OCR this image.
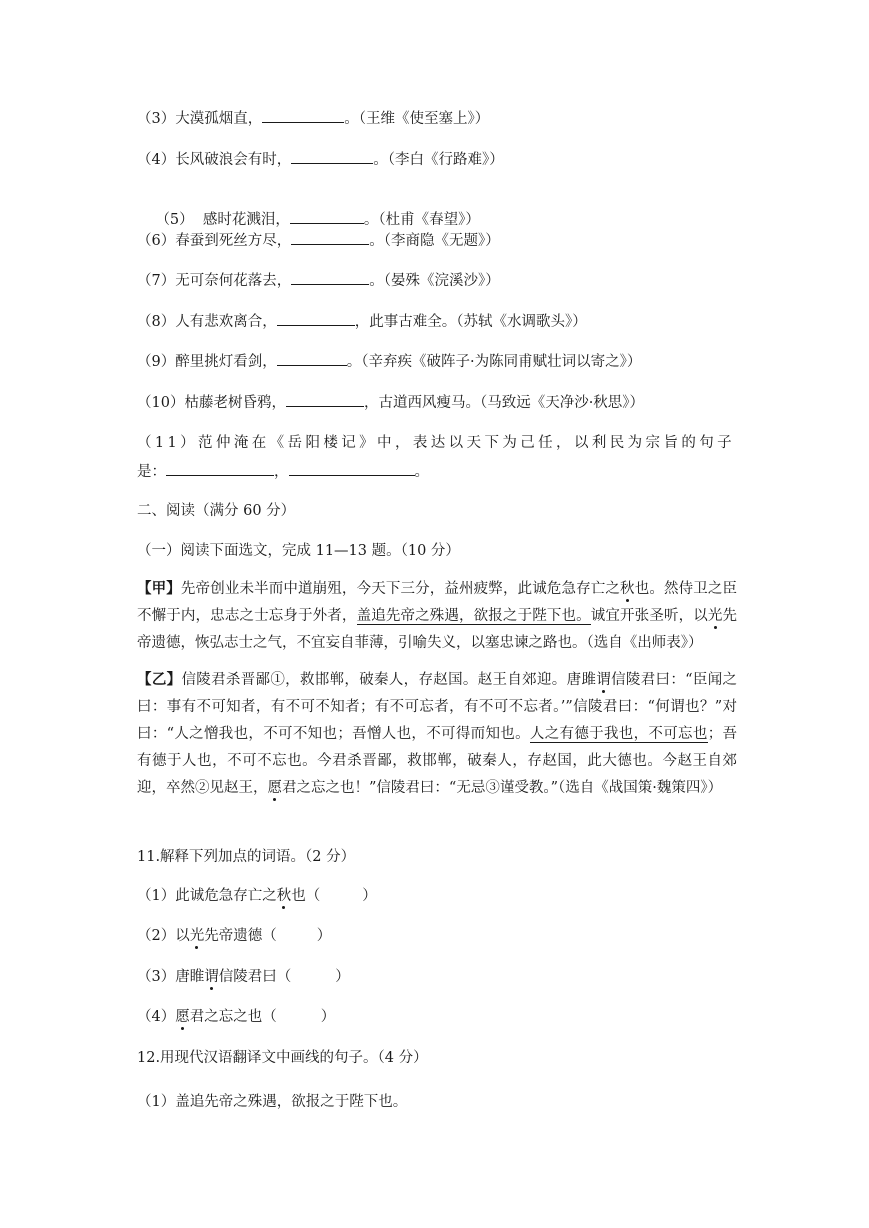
（3）大漠孤烟直，	。（王维《使至塞上》）
（4）长风破浪会有时，	。（李白《行路难》）

（5）  感时花溅泪，	。（杜甫《春望》）

（6）春蚕到死丝方尽，	。（李商隐《无题》）
（7）无可奈何花落去，	。（晏殊《浣溪沙》）
（8）人有悲欢离合，	，此事古难全。（苏轼《水调歌头》）
（9）醉里挑灯看剑，	。（辛弃疾《破阵子·为陈同甫赋壮词以寄之》）
（10）枯藤老树昏鸦，	，古道西风瘦马。（马致远《天净沙·秋思》）
（11）范仲淹在《岳阳楼记》中，表达以天下为己任，以利民为宗旨的句子
是：	，	。
二、阅读（满分 60 分）
（一）阅读下面选文，完成 11—13 题。（10 分）
【甲】先帝创业未半而中道崩殂，今天下三分，益州疲弊，此诚危急存亡之秋也。然侍卫之臣不懈于内，忠志之士忘身于外者，盖追先帝之殊遇，欲报之于陛下也。诚宜开张圣听，以光先帝遗德，恢弘志士之气，不宜妄自菲薄，引喻失义，以塞忠谏之路也。（选自《出师表》）
【乙】信陵君杀晋鄙①，救邯郸，破秦人，存赵国。赵王自郊迎。唐雎谓信陵君曰：“臣闻之曰：事有不可知者，有不可不知者；有不可忘者，有不可不忘者。’”信陵君曰：“何谓也？”对曰：“人之憎我也，不可不知也；吾憎人也，不可得而知也。人之有德于我也，不可忘也；吾有德于人也，不可不忘也。今君杀晋鄙，救邯郸，破秦人，存赵国，此大德也。今赵王自郊迎，卒然②见赵王，愿君之忘之也！”信陵君曰：“无忌③谨受教。”（选自《战国策·魏策四》）
11.解释下列加点的词语。（2 分）
（1）此诚危急存亡之秋也（	）
（2）以光先帝遗德（	）
（3）唐睢谓信陵君曰（	）
（4）愿君之忘之也（	）
12.用现代汉语翻译文中画线的句子。（4 分）
（1）盖追先帝之殊遇，欲报之于陛下也。
